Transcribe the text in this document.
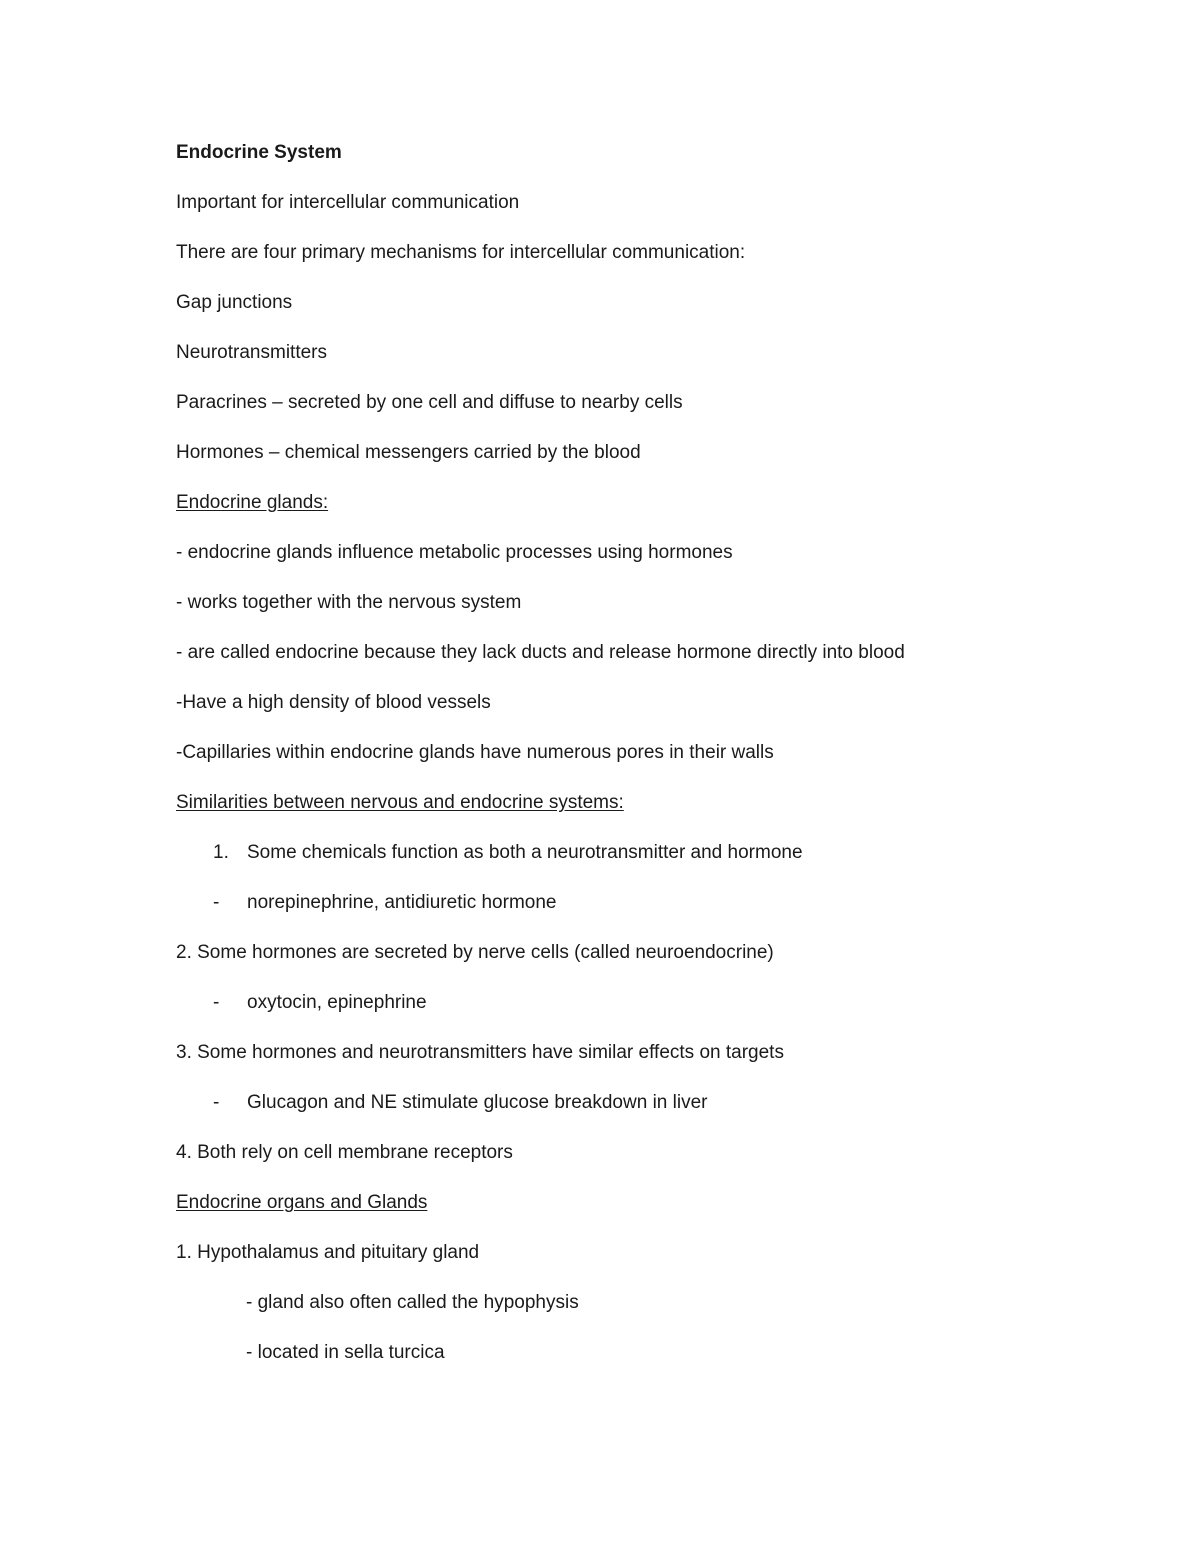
Endocrine System
Important for intercellular communication
There are four primary mechanisms for intercellular communication:
Gap junctions
Neurotransmitters
Paracrines – secreted by one cell and diffuse to nearby cells
Hormones – chemical messengers carried by the blood
Endocrine glands:
- endocrine glands influence metabolic processes using hormones
- works together with the nervous system
- are called endocrine because they lack ducts and release hormone directly into blood
-Have a high density of blood vessels
-Capillaries within endocrine glands have numerous pores in their walls
Similarities between nervous and endocrine systems:
1. Some chemicals function as both a neurotransmitter and hormone
- norepinephrine, antidiuretic hormone
2. Some hormones are secreted by nerve cells (called neuroendocrine)
- oxytocin, epinephrine
3. Some hormones and neurotransmitters have similar effects on targets
- Glucagon and NE stimulate glucose breakdown in liver
4. Both rely on cell membrane receptors
Endocrine organs and Glands
1. Hypothalamus and pituitary gland
- gland also often called the hypophysis
- located in sella turcica
